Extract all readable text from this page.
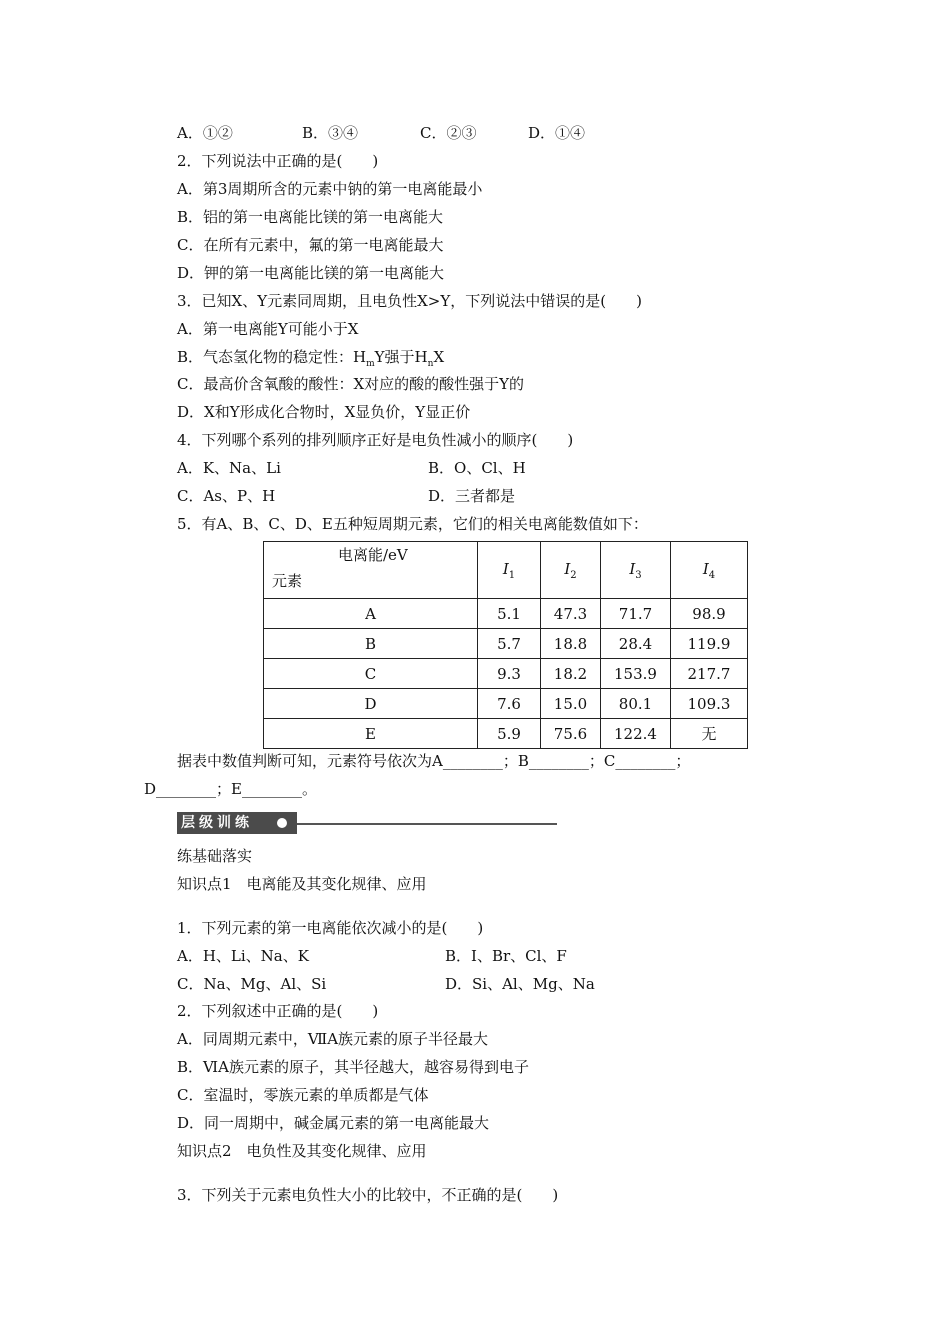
A．①②	B．③④	C．②③	D．①④
2．下列说法中正确的是(　　)
A．第3周期所含的元素中钠的第一电离能最小
B．铝的第一电离能比镁的第一电离能大
C．在所有元素中，氟的第一电离能最大
D．钾的第一电离能比镁的第一电离能大
3．已知X、Y元素同周期，且电负性X>Y，下列说法中错误的是(　　)
A．第一电离能Y可能小于X
B．气态氢化物的稳定性：$H_mY$强于$H_nX$
C．最高价含氧酸的酸性：X对应的酸的酸性强于Y的
D．X和Y形成化合物时，X显负价，Y显正价
4．下列哪个系列的排列顺序正好是电负性减小的顺序(　　)
A．K、Na、Li	B．O、Cl、H
C．As、P、H	D．三者都是
5．有A、B、C、D、E五种短周期元素，它们的相关电离能数值如下：
电离能/eV
元素	$I_1$	$I_2$	$I_3$	$I_4$
A	5.1	47.3	71.7	98.9
B	5.7	18.8	28.4	119.9
C	9.3	18.2	153.9	217.7
D	7.6	15.0	80.1	109.3
E	5.9	75.6	122.4	无
据表中数值判断可知，元素符号依次为A________；B________；C________；
D________；E________。
层级训练
练基础落实
知识点1　电离能及其变化规律、应用
1．下列元素的第一电离能依次减小的是(　　)
A．H、Li、Na、K	B．I、Br、Cl、F
C．Na、Mg、Al、Si	D．Si、Al、Mg、Na
2．下列叙述中正确的是(　　)
A．同周期元素中，ⅦA族元素的原子半径最大
B．ⅥA族元素的原子，其半径越大，越容易得到电子
C．室温时，零族元素的单质都是气体
D．同一周期中，碱金属元素的第一电离能最大
知识点2　电负性及其变化规律、应用
3．下列关于元素电负性大小的比较中，不正确的是(　　)
